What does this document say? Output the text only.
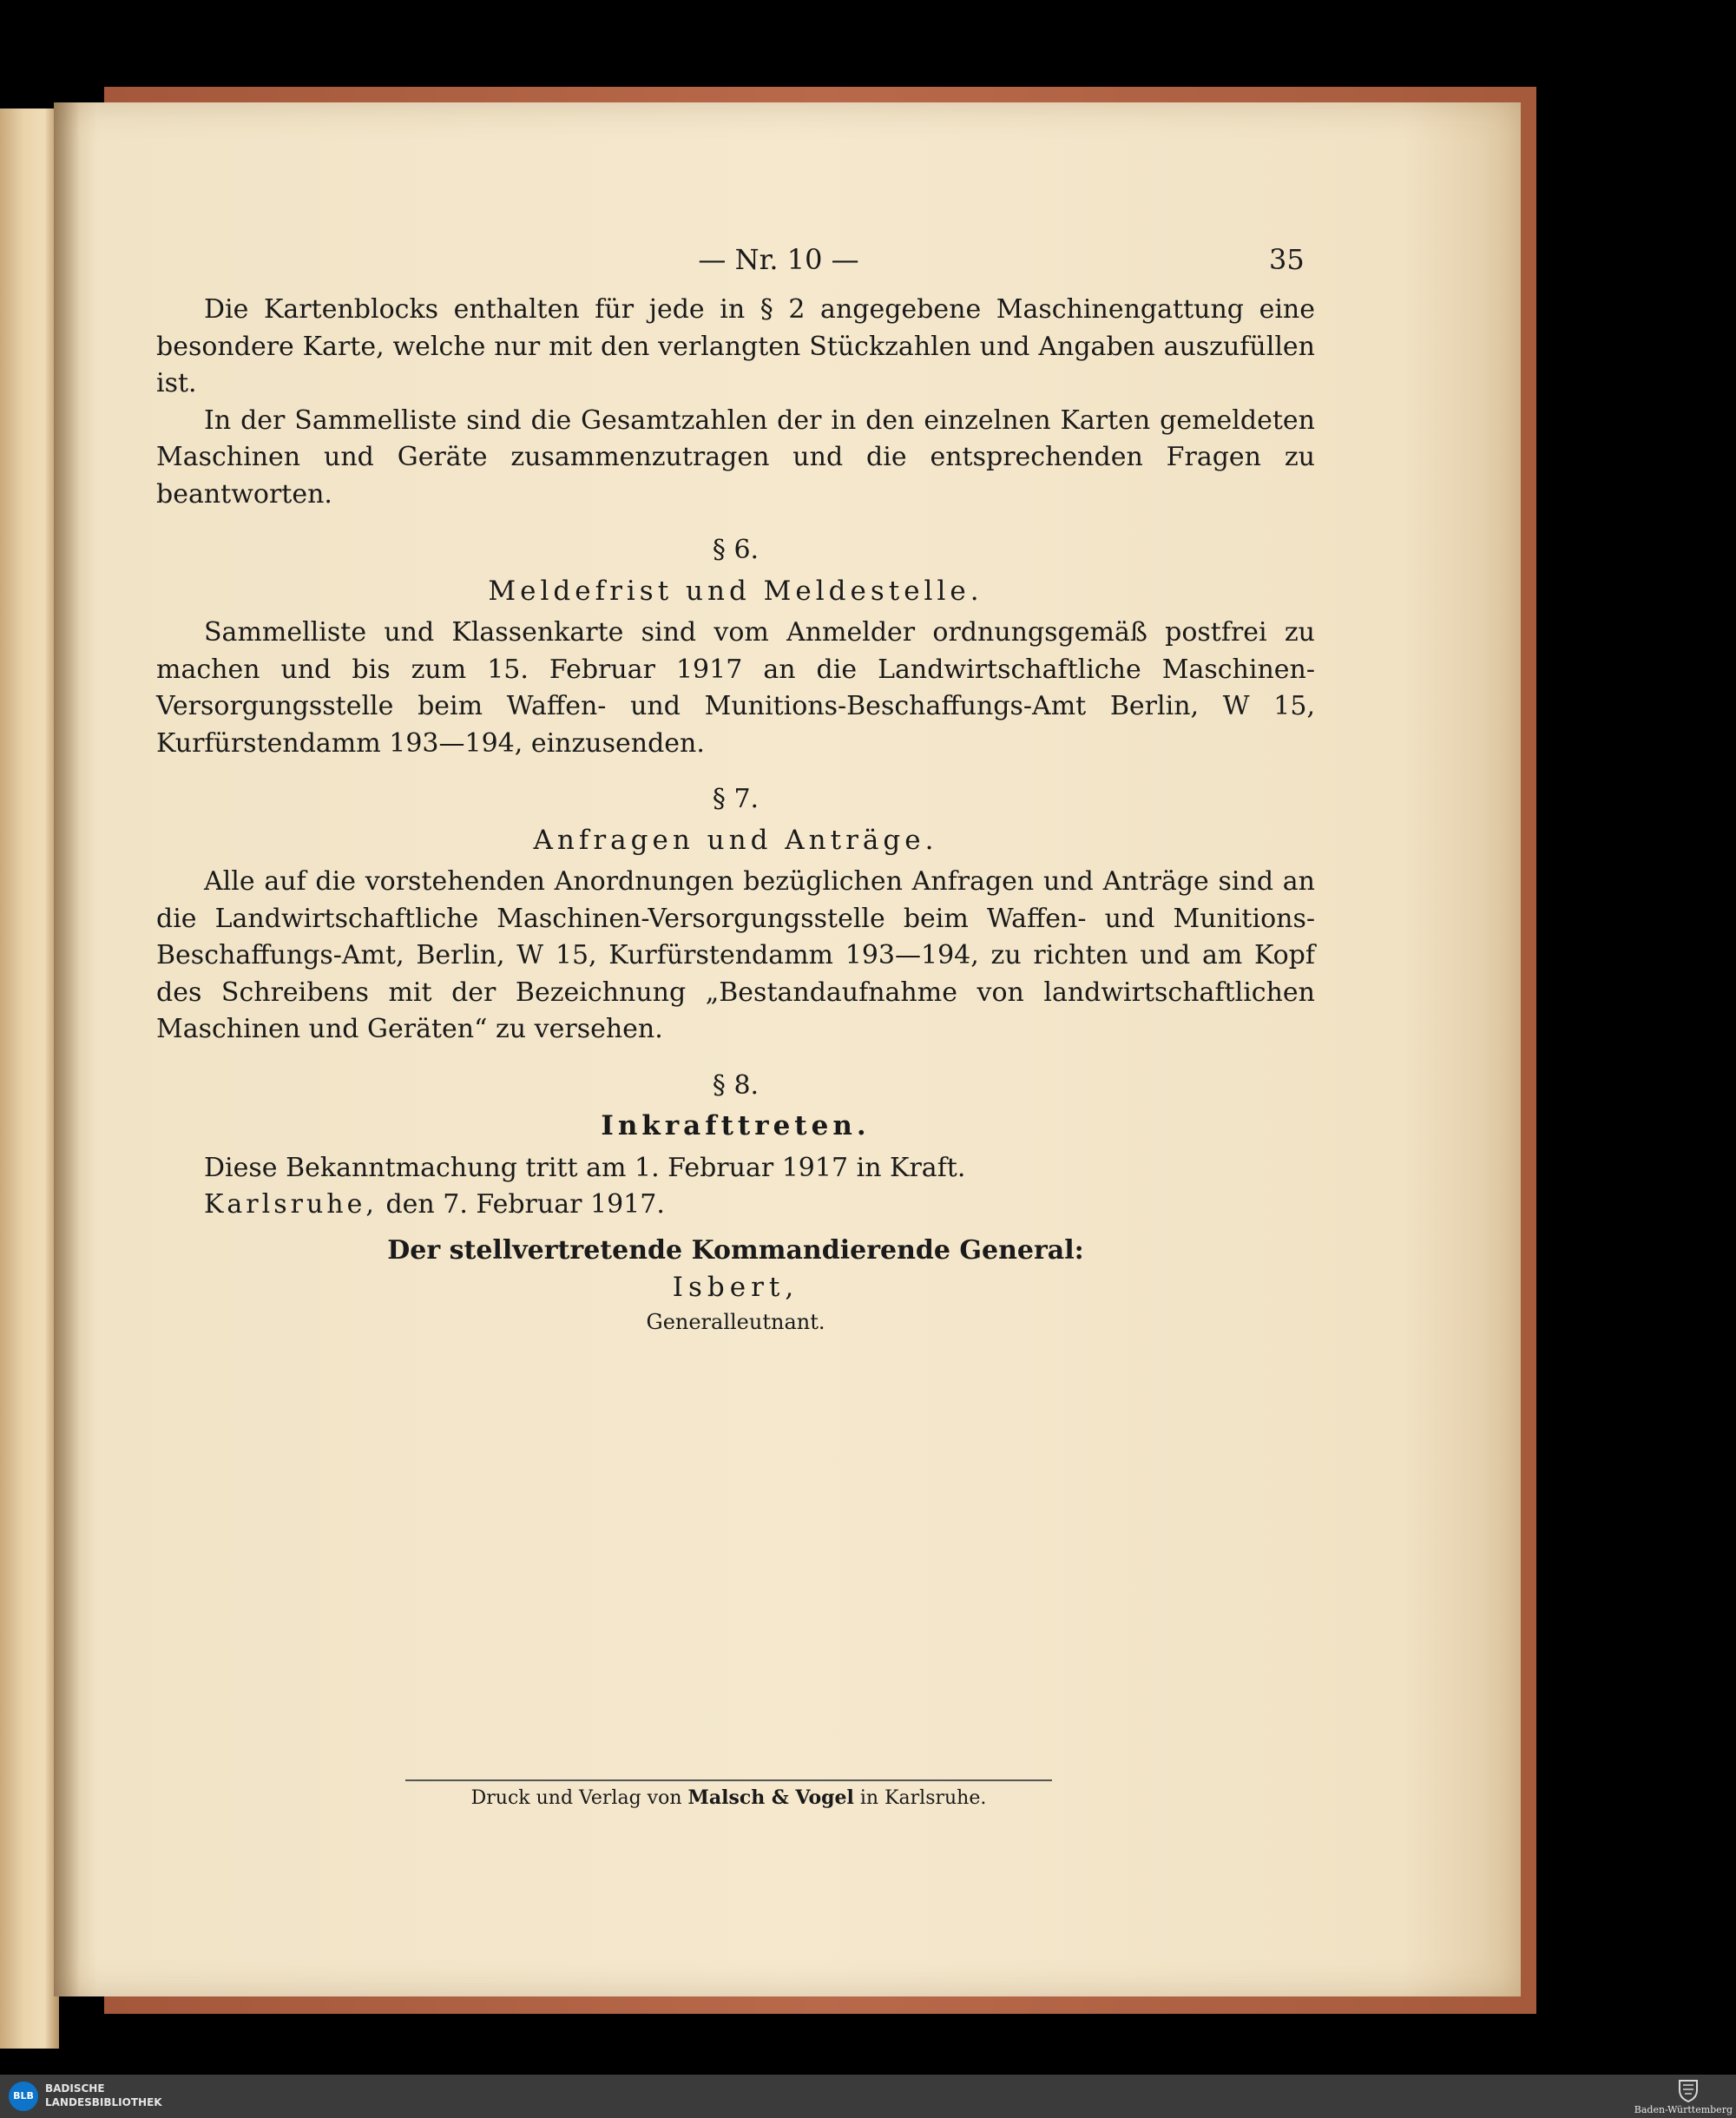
— Nr. 10 —	35

Die Kartenblocks enthalten für jede in § 2 angegebene Maschinengattung eine besondere Karte, welche nur mit den verlangten Stückzahlen und Angaben auszufüllen ist.

In der Sammelliste sind die Gesamtzahlen der in den einzelnen Karten gemeldeten Maschinen und Geräte zusammenzutragen und die entsprechenden Fragen zu beantworten.

§ 6.
Meldefrist und Meldestelle.

Sammelliste und Klassenkarte sind vom Anmelder ordnungsgemäß postfrei zu machen und bis zum 15. Februar 1917 an die Landwirtschaftliche Maschinen-Versorgungsstelle beim Waffen- und Munitions-Beschaffungs-Amt Berlin, W 15, Kurfürstendamm 193—194, einzusenden.

§ 7.
Anfragen und Anträge.

Alle auf die vorstehenden Anordnungen bezüglichen Anfragen und Anträge sind an die Landwirtschaftliche Maschinen-Versorgungsstelle beim Waffen- und Munitions-Beschaffungs-Amt, Berlin, W 15, Kurfürstendamm 193—194, zu richten und am Kopf des Schreibens mit der Bezeichnung „Bestandaufnahme von landwirtschaftlichen Maschinen und Geräten“ zu versehen.

§ 8.
Inkrafttreten.

Diese Bekanntmachung tritt am 1. Februar 1917 in Kraft.

Karlsruhe, den 7. Februar 1917.

Der stellvertretende Kommandierende General:
Isbert,
Generalleutnant.
Druck und Verlag von Malsch & Vogel in Karlsruhe.
BLB
BADISCHE
LANDESBIBLIOTHEK
Baden-Württemberg
